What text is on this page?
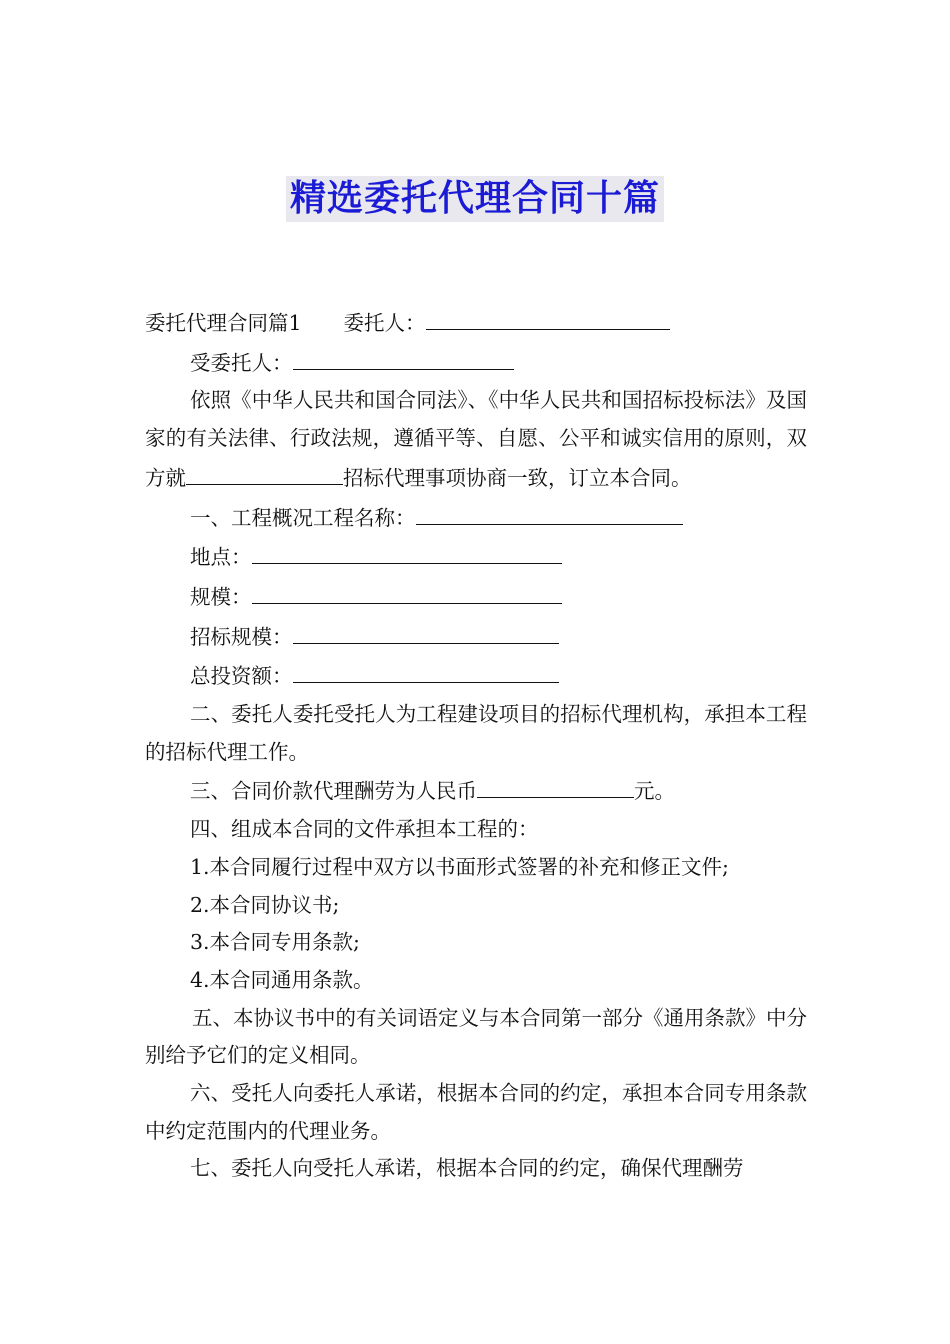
精选委托代理合同十篇

委托代理合同篇1 委托人：

受委托人：

依照《中华人民共和国合同法》、《中华人民共和国招标投标法》及国家的有关法律、行政法规，遵循平等、自愿、公平和诚实信用的原则，双方就	招标代理事项协商一致，订立本合同。

一、工程概况工程名称：

地点：

规模：

招标规模：

总投资额：

二、委托人委托受托人为工程建设项目的招标代理机构，承担本工程的招标代理工作。

三、合同价款代理酬劳为人民币	元。

四、组成本合同的文件承担本工程的：

1.本合同履行过程中双方以书面形式签署的补充和修正文件;

2.本合同协议书;

3.本合同专用条款;

4.本合同通用条款。

五、本协议书中的有关词语定义与本合同第一部分《通用条款》中分别给予它们的定义相同。

六、受托人向委托人承诺，根据本合同的约定，承担本合同专用条款中约定范围内的代理业务。

七、委托人向受托人承诺，根据本合同的约定，确保代理酬劳
